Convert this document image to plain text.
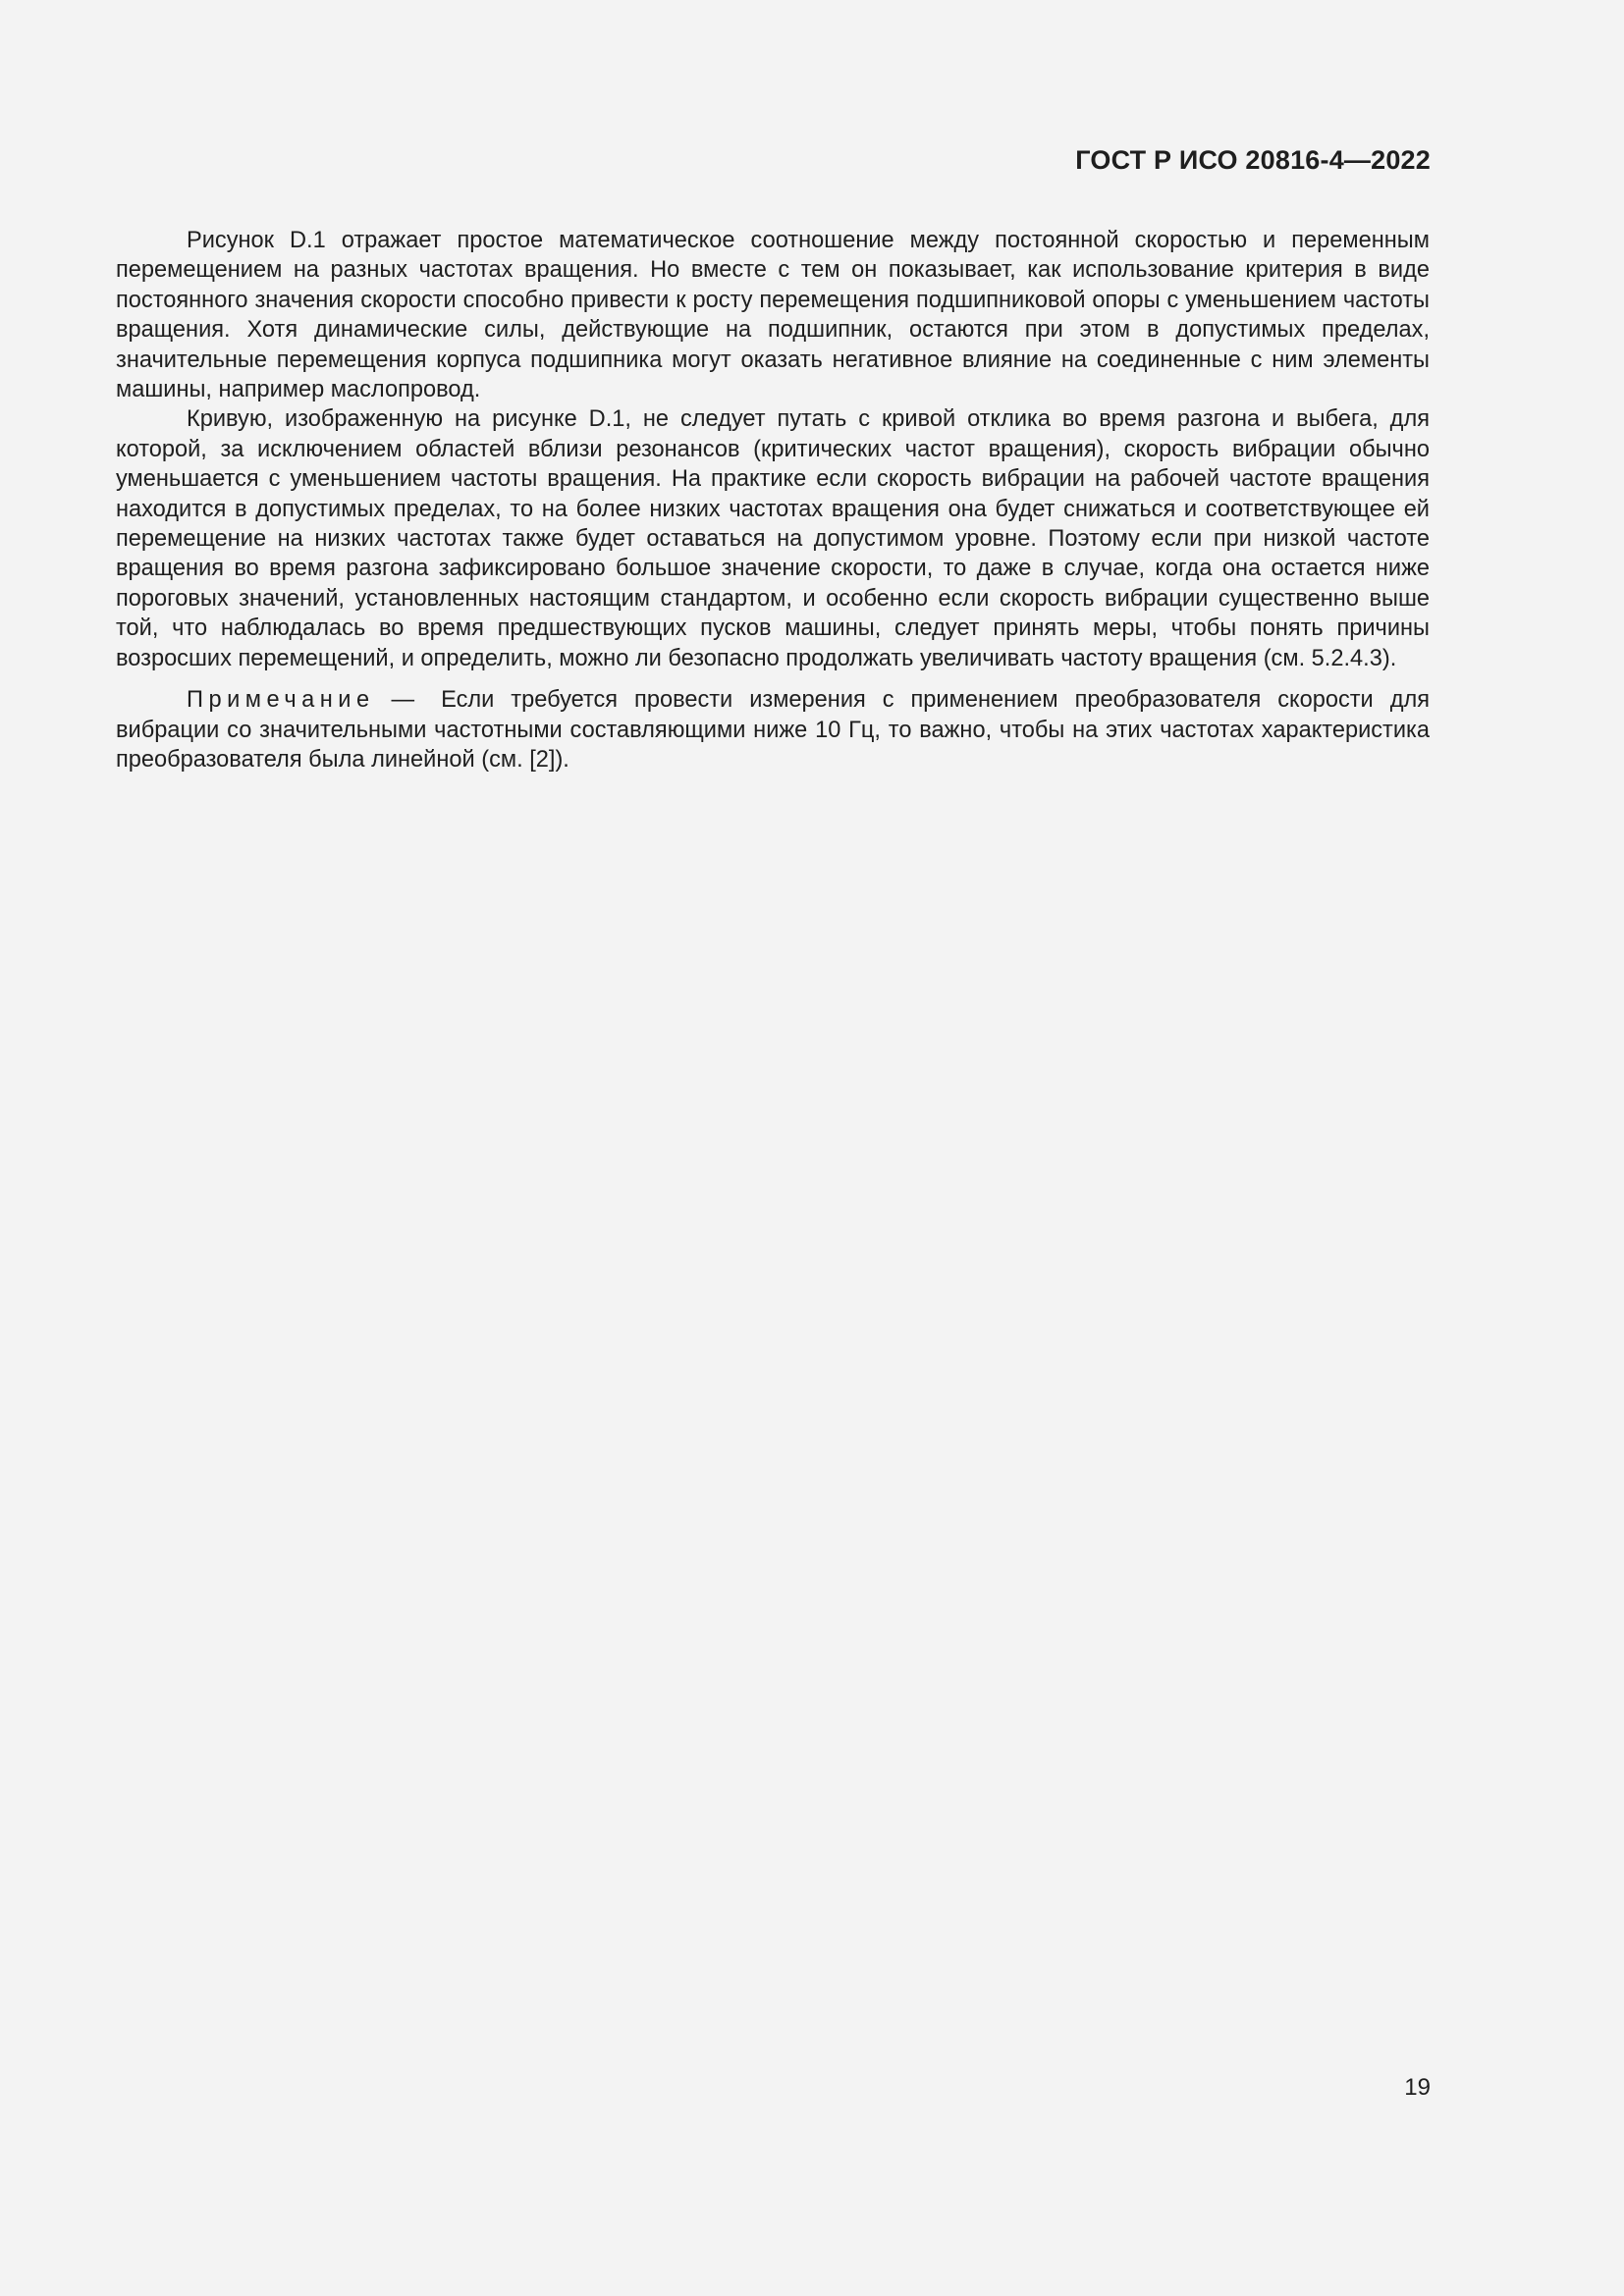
ГОСТ Р ИСО 20816-4—2022

Рисунок D.1 отражает простое математическое соотношение между постоянной скоростью и переменным перемещением на разных частотах вращения. Но вместе с тем он показывает, как использование критерия в виде постоянного значения скорости способно привести к росту перемещения подшипниковой опоры с уменьшением частоты вращения. Хотя динамические силы, действующие на подшипник, остаются при этом в допустимых пределах, значительные перемещения корпуса подшипника могут оказать негативное влияние на соединенные с ним элементы машины, например маслопровод.

Кривую, изображенную на рисунке D.1, не следует путать с кривой отклика во время разгона и выбега, для которой, за исключением областей вблизи резонансов (критических частот вращения), скорость вибрации обычно уменьшается с уменьшением частоты вращения. На практике если скорость вибрации на рабочей частоте вращения находится в допустимых пределах, то на более низких частотах вращения она будет снижаться и соответствующее ей перемещение на низких частотах также будет оставаться на допустимом уровне. Поэтому если при низкой частоте вращения во время разгона зафиксировано большое значение скорости, то даже в случае, когда она остается ниже пороговых значений, установленных настоящим стандартом, и особенно если скорость вибрации существенно выше той, что наблюдалась во время предшествующих пусков машины, следует принять меры, чтобы понять причины возросших перемещений, и определить, можно ли безопасно продолжать увеличивать частоту вращения (см. 5.2.4.3).

Примечание — Если требуется провести измерения с применением преобразователя скорости для вибрации со значительными частотными составляющими ниже 10 Гц, то важно, чтобы на этих частотах характеристика преобразователя была линейной (см. [2]).

19
